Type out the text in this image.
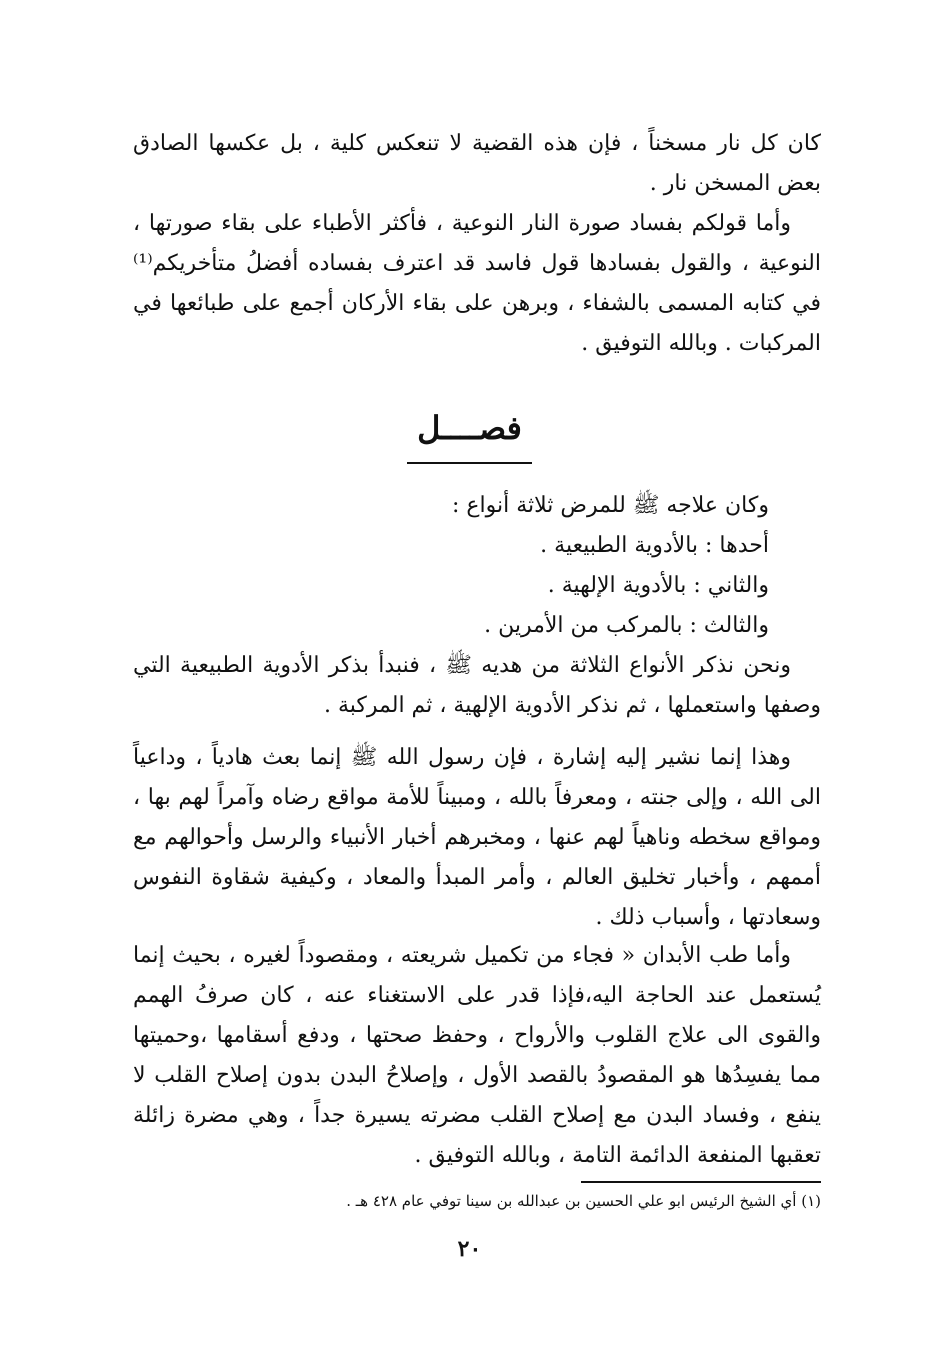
كان كل نار مسخناً ، فإن هذه القضية لا تنعكس كلية ، بل عكسها الصادق بعض المسخن نار .

وأما قولكم بفساد صورة النار النوعية ، فأكثر الأطباء على بقاء صورتها ، النوعية ، والقول بفسادها قول فاسد قد اعترف بفساده أفضلُ متأخريكم⁽¹⁾ في كتابه المسمى بالشفاء ، وبرهن على بقاء الأركان أجمع على طبائعها في المركبات . وبالله التوفيق .

فصــــل

وكان علاجه ﷺ للمرض ثلاثة أنواع :

أحدها : بالأدوية الطبيعية .

والثاني : بالأدوية الإلهية .

والثالث : بالمركب من الأمرين .

ونحن نذكر الأنواع الثلاثة من هديه ﷺ ، فنبدأ بذكر الأدوية الطبيعية التي وصفها واستعملها ، ثم نذكر الأدوية الإلهية ، ثم المركبة .

وهذا إنما نشير إليه إشارة ، فإن رسول الله ﷺ إنما بعث هادياً ، وداعياً الى الله ، وإلى جنته ، ومعرفاً بالله ، ومبيناً للأمة مواقع رضاه وآمراً لهم بها ، ومواقع سخطه وناهياً لهم عنها ، ومخبرهم أخبار الأنبياء والرسل وأحوالهم مع أممهم ، وأخبار تخليق العالم ، وأمر المبدأ والمعاد ، وكيفية شقاوة النفوس وسعادتها ، وأسباب ذلك .

وأما طب الأبدان « فجاء من تكميل شريعته ، ومقصوداً لغيره ، بحيث إنما يُستعمل عند الحاجة اليه،فإذا قدر على الاستغناء عنه ، كان صرفُ الهمم والقوى الى علاج القلوب والأرواح ، وحفظ صحتها ، ودفع أسقامها ،وحميتها مما يفسِدُها هو المقصودُ بالقصد الأول ، وإصلاحُ البدن بدون إصلاح القلب لا ينفع ، وفساد البدن مع إصلاح القلب مضرته يسيرة جداً ، وهي مضرة زائلة تعقبها المنفعة الدائمة التامة ، وبالله التوفيق .

(١) أي الشيخ الرئيس ابو علي الحسين بن عبدالله بن سينا توفي عام ٤٢٨ هـ .

٢٠
